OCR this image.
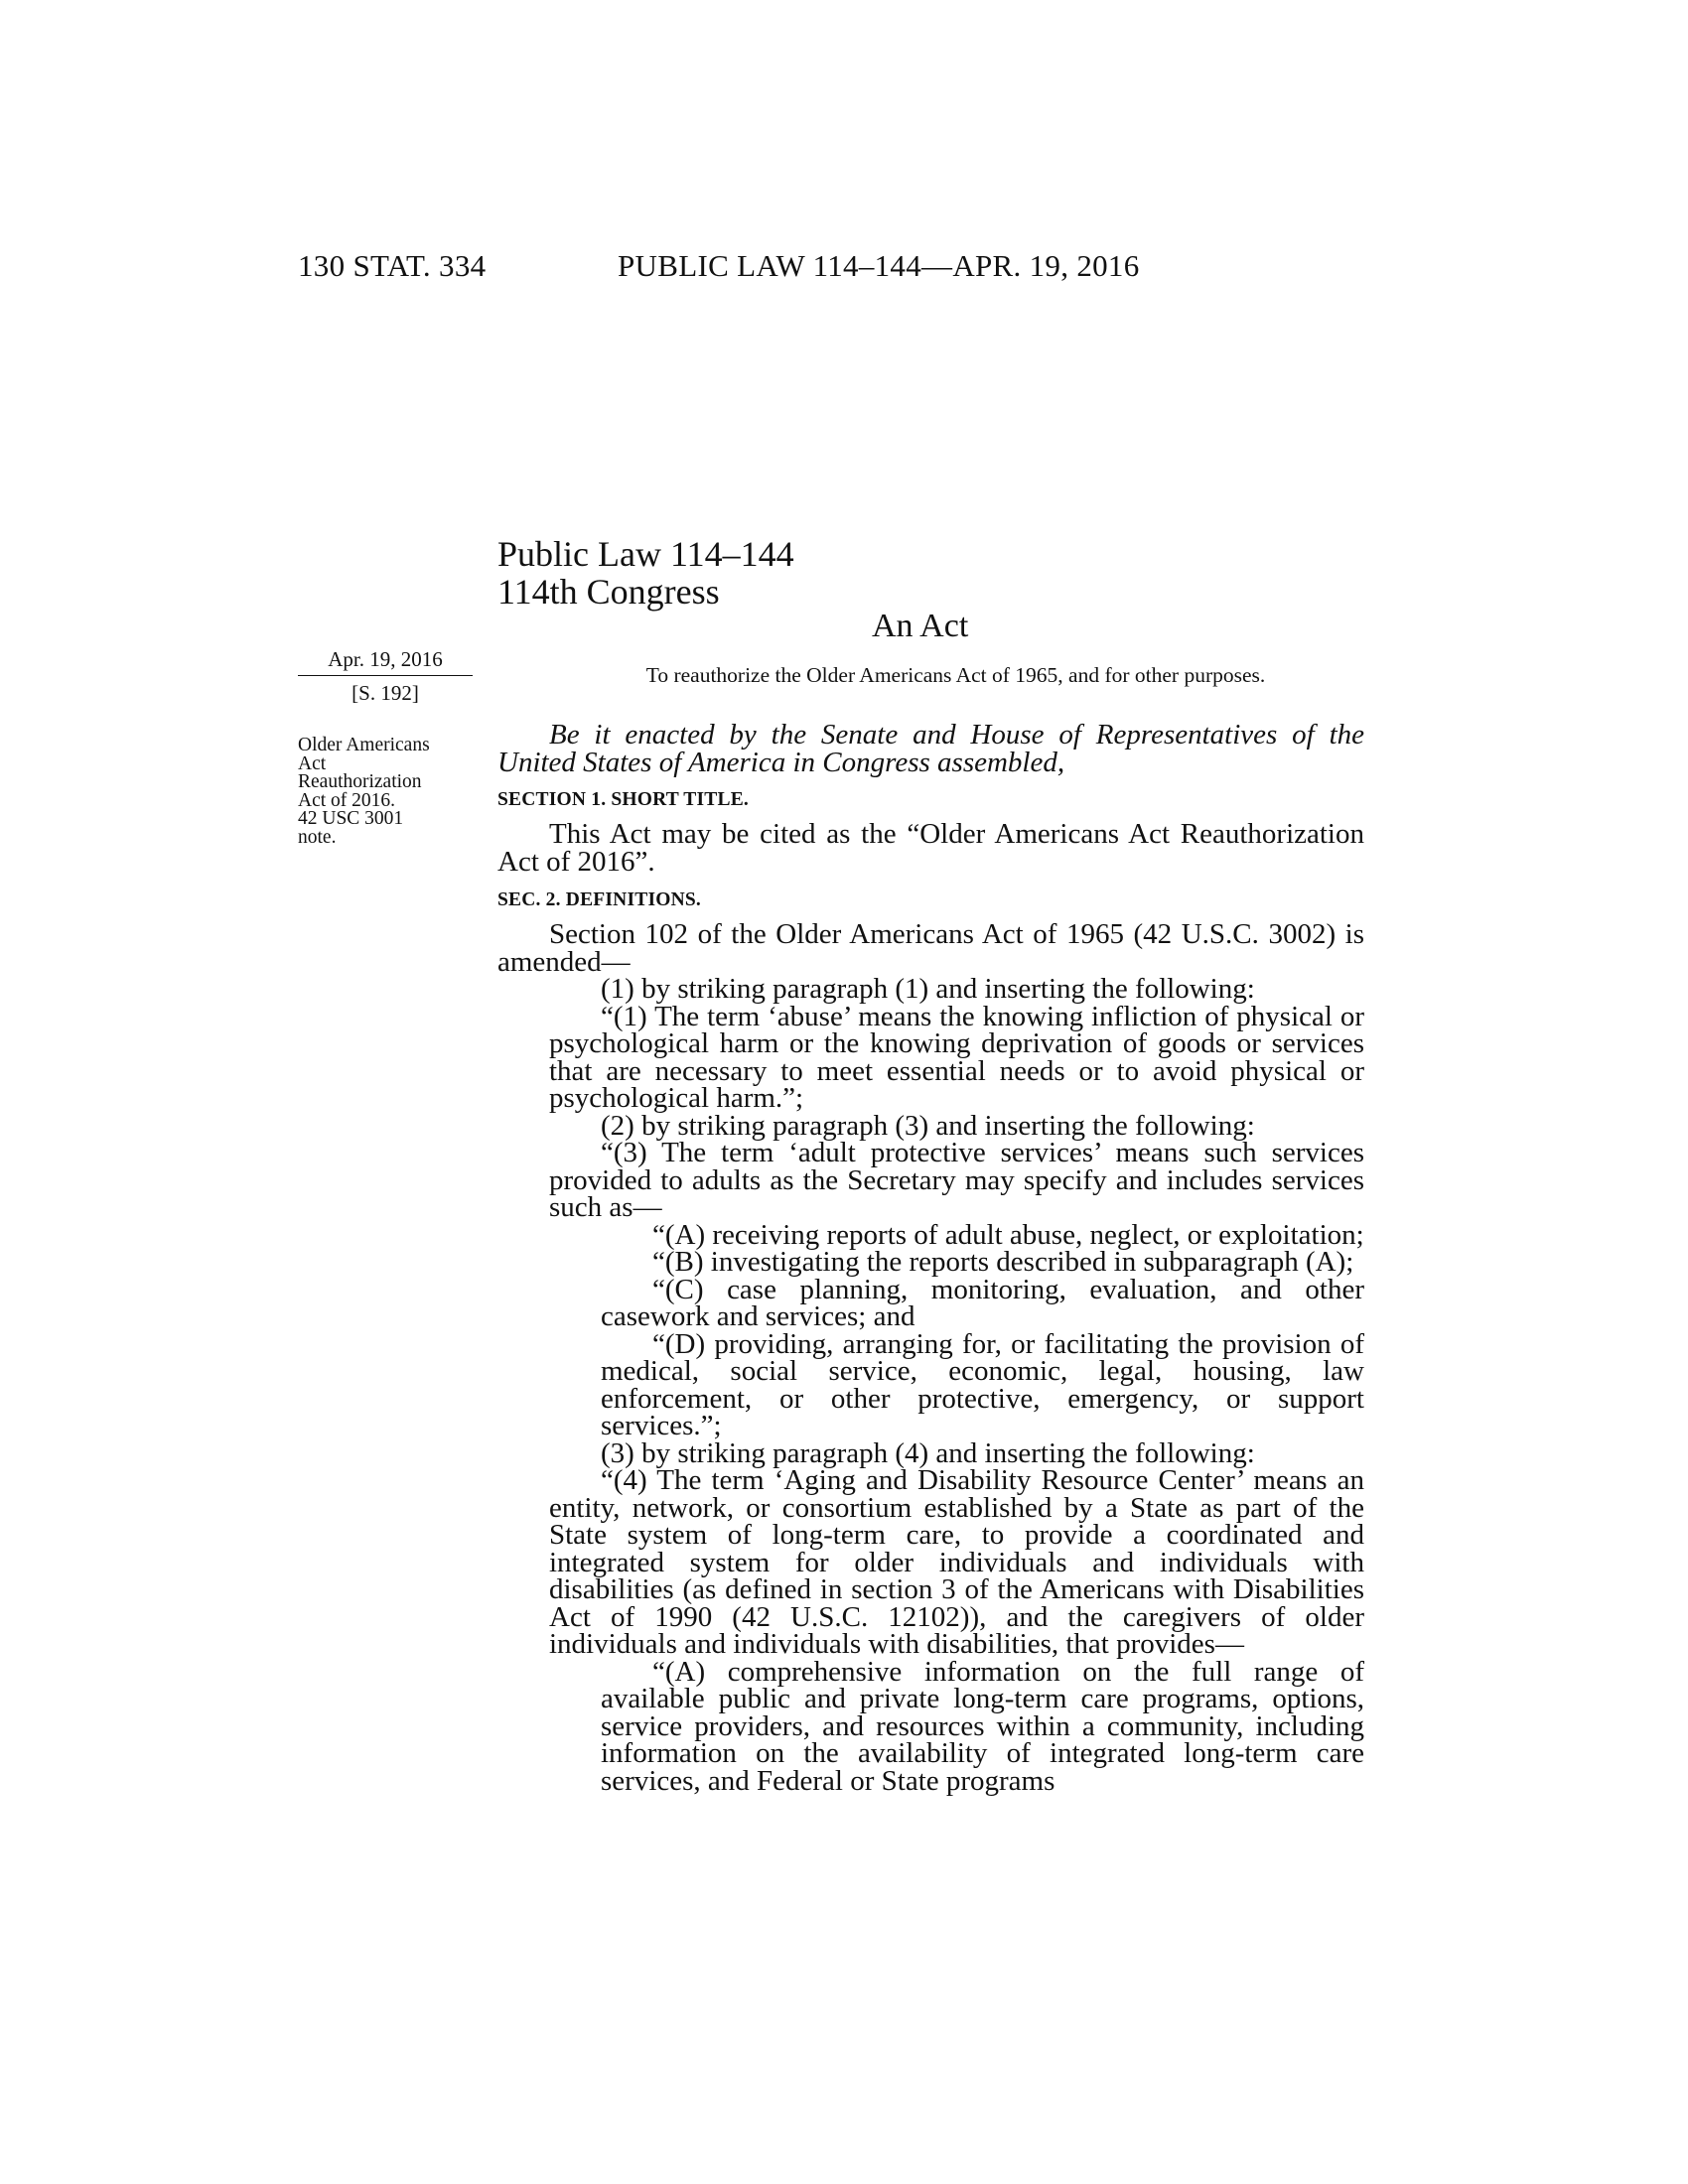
130 STAT. 334	PUBLIC LAW 114–144—APR. 19, 2016
Public Law 114–144
114th Congress
An Act
Apr. 19, 2016
[S. 192]
Older Americans
Act
Reauthorization
Act of 2016.
42 USC 3001
note.
To reauthorize the Older Americans Act of 1965, and for other purposes.

Be it enacted by the Senate and House of Representatives of the United States of America in Congress assembled,

SECTION 1. SHORT TITLE.

This Act may be cited as the “Older Americans Act Reauthorization Act of 2016”.

SEC. 2. DEFINITIONS.

Section 102 of the Older Americans Act of 1965 (42 U.S.C. 3002) is amended—

(1) by striking paragraph (1) and inserting the following:

“(1) The term ‘abuse’ means the knowing infliction of physical or psychological harm or the knowing deprivation of goods or services that are necessary to meet essential needs or to avoid physical or psychological harm.”;

(2) by striking paragraph (3) and inserting the following:

“(3) The term ‘adult protective services’ means such services provided to adults as the Secretary may specify and includes services such as—

“(A) receiving reports of adult abuse, neglect, or exploitation;

“(B) investigating the reports described in subparagraph (A);

“(C) case planning, monitoring, evaluation, and other casework and services; and

“(D) providing, arranging for, or facilitating the provision of medical, social service, economic, legal, housing, law enforcement, or other protective, emergency, or support services.”;

(3) by striking paragraph (4) and inserting the following:

“(4) The term ‘Aging and Disability Resource Center’ means an entity, network, or consortium established by a State as part of the State system of long-term care, to provide a coordinated and integrated system for older individuals and individuals with disabilities (as defined in section 3 of the Americans with Disabilities Act of 1990 (42 U.S.C. 12102)), and the caregivers of older individuals and individuals with disabilities, that provides—

“(A) comprehensive information on the full range of available public and private long-term care programs, options, service providers, and resources within a community, including information on the availability of integrated long-term care services, and Federal or State programs
